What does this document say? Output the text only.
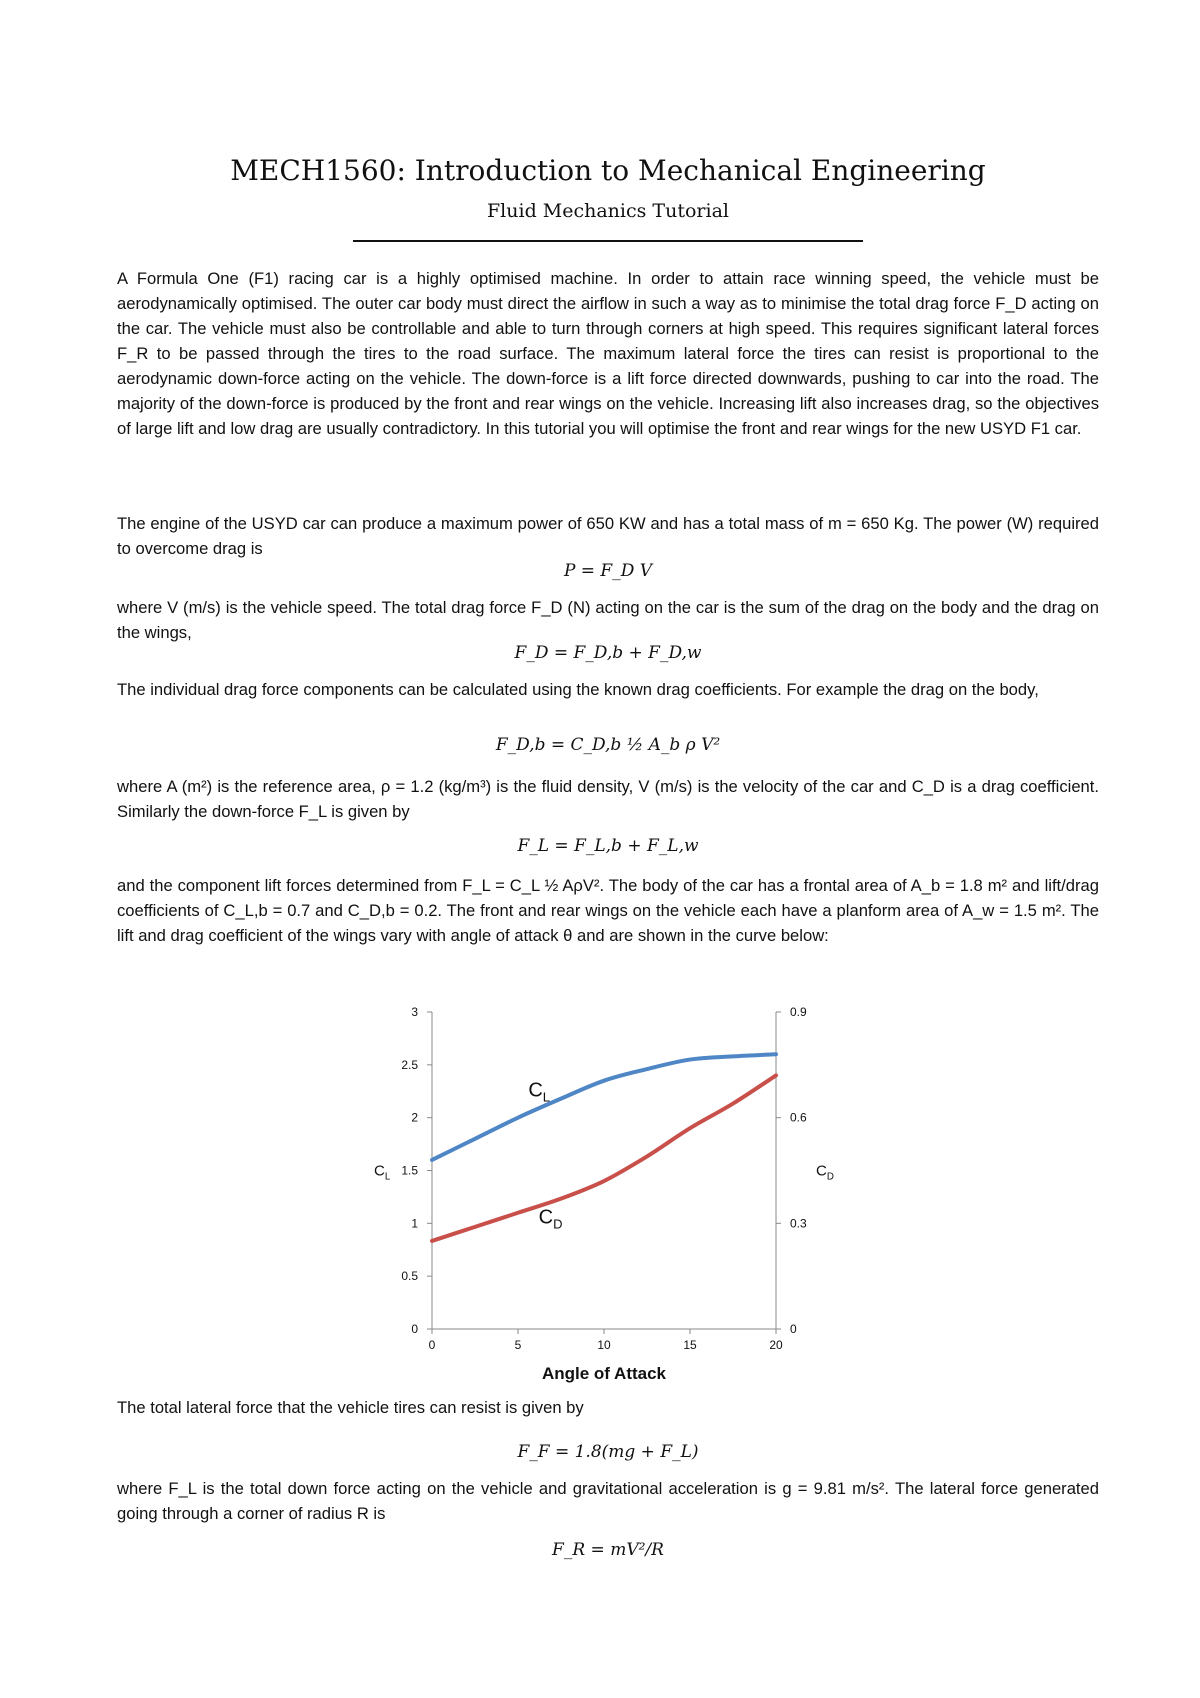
MECH1560: Introduction to Mechanical Engineering
Fluid Mechanics Tutorial
A Formula One (F1) racing car is a highly optimised machine. In order to attain race winning speed, the vehicle must be aerodynamically optimised. The outer car body must direct the airflow in such a way as to minimise the total drag force F_D acting on the car. The vehicle must also be controllable and able to turn through corners at high speed. This requires significant lateral forces F_R to be passed through the tires to the road surface. The maximum lateral force the tires can resist is proportional to the aerodynamic down-force acting on the vehicle. The down-force is a lift force directed downwards, pushing to car into the road. The majority of the down-force is produced by the front and rear wings on the vehicle. Increasing lift also increases drag, so the objectives of large lift and low drag are usually contradictory. In this tutorial you will optimise the front and rear wings for the new USYD F1 car.
The engine of the USYD car can produce a maximum power of 650 KW and has a total mass of m = 650 Kg. The power (W) required to overcome drag is
P = F_D V
where V (m/s) is the vehicle speed. The total drag force F_D (N) acting on the car is the sum of the drag on the body and the drag on the wings,
F_D = F_D,b + F_D,w
The individual drag force components can be calculated using the known drag coefficients. For example the drag on the body,
F_D,b = C_D,b ½ A_b ρ V²
where A (m²) is the reference area, ρ = 1.2 (kg/m³) is the fluid density, V (m/s) is the velocity of the car and C_D is a drag coefficient. Similarly the down-force F_L is given by
F_L = F_L,b + F_L,w
and the component lift forces determined from F_L = C_L ½ AρV². The body of the car has a frontal area of A_b = 1.8 m² and lift/drag coefficients of C_L,b = 0.7 and C_D,b = 0.2. The front and rear wings on the vehicle each have a planform area of A_w = 1.5 m². The lift and drag coefficient of the wings vary with angle of attack θ and are shown in the curve below:
The total lateral force that the vehicle tires can resist is given by
F_F = 1.8(mg + F_L)
where F_L is the total down force acting on the vehicle and gravitational acceleration is g = 9.81 m/s². The lateral force generated going through a corner of radius R is
F_R = mV²/R
0	5	10	15	20
0
0.5
1
1.5
2
2.5
3
0
0.3
0.6
0.9
Angle of Attack
$C_L$	$C_D$
$C_L$
$C_D$
